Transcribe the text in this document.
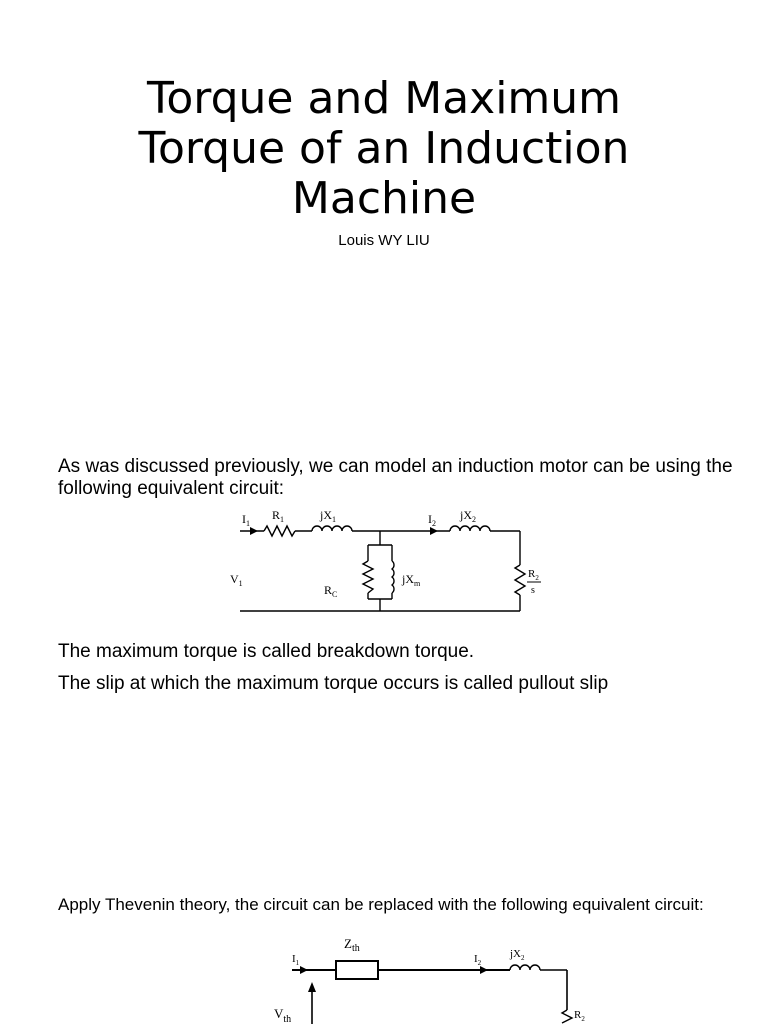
Torque and Maximum
Torque of an Induction
Machine
Louis WY LIU
As was discussed previously, we can model an induction motor can be using the following equivalent circuit:
$I_1$
$R_1$	$jX_1$	$I_2$
$jX_2$
$V_1$	$R_C$
$jX_m$
$R_2$
s
The maximum torque is called breakdown torque.
The slip at which the maximum torque occurs is called pullout slip
Apply Thevenin theory, the circuit can be replaced with the following equivalent circuit:
$Z_{th}$
$I_1$	$I_2$
$jX_2$
$V_{th}$	$R_2$
